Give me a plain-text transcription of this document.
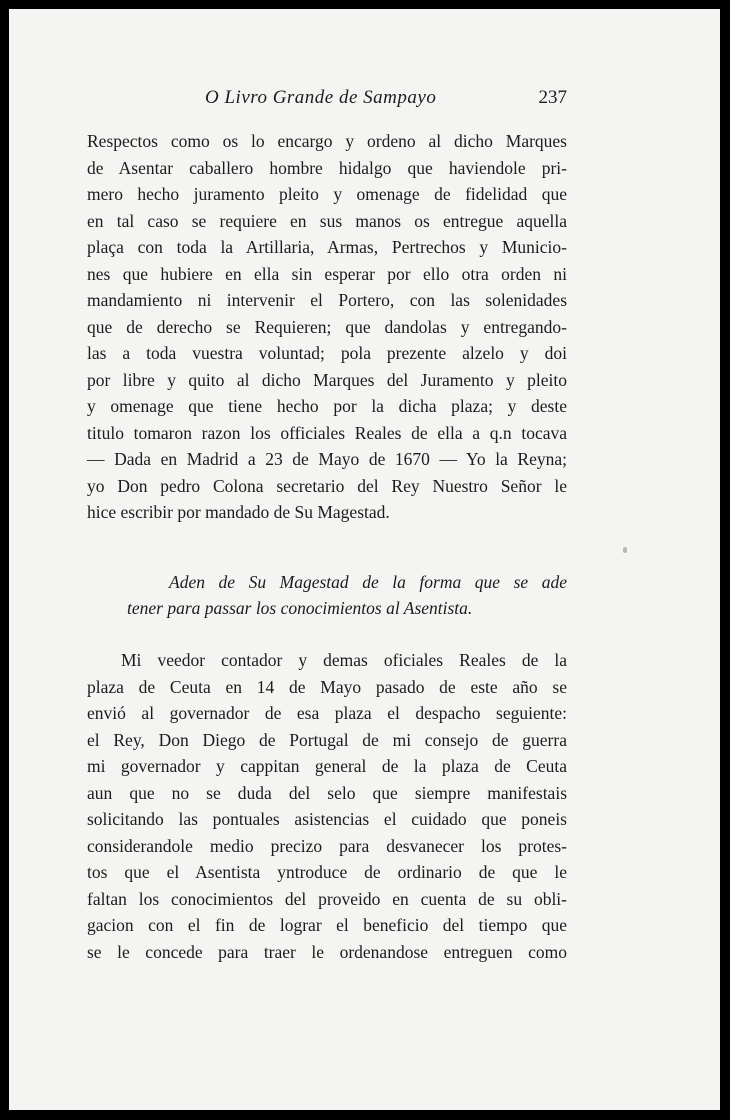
O Livro Grande de Sampayo	237
Respectos como os lo encargo y ordeno al dicho Marques
de Asentar caballero hombre hidalgo que haviendole pri-
mero hecho juramento pleito y omenage de fidelidad que
en tal caso se requiere en sus manos os entregue aquella
plaça con toda la Artillaria, Armas, Pertrechos y Municio-
nes que hubiere en ella sin esperar por ello otra orden ni
mandamiento ni intervenir el Portero, con las solenidades
que de derecho se Requieren; que dandolas y entregando-
las a toda vuestra voluntad; pola prezente alzelo y doi
por libre y quito al dicho Marques del Juramento y pleito
y omenage que tiene hecho por la dicha plaza; y deste
titulo tomaron razon los officiales Reales de ella a q.n tocava
— Dada en Madrid a 23 de Mayo de 1670 — Yo la Reyna;
yo Don pedro Colona secretario del Rey Nuestro Señor le
hice escribir por mandado de Su Magestad.
Aden de Su Magestad de la forma que se ade
tener para passar los conocimientos al Asentista.
Mi veedor contador y demas oficiales Reales de la
plaza de Ceuta en 14 de Mayo pasado de este año se
envió al governador de esa plaza el despacho seguiente:
el Rey, Don Diego de Portugal de mi consejo de guerra
mi governador y cappitan general de la plaza de Ceuta
aun que no se duda del selo que siempre manifestais
solicitando las pontuales asistencias el cuidado que poneis
considerandole medio precizo para desvanecer los protes-
tos que el Asentista yntroduce de ordinario de que le
faltan los conocimientos del proveido en cuenta de su obli-
gacion con el fin de lograr el beneficio del tiempo que
se le concede para traer le ordenandose entreguen como
